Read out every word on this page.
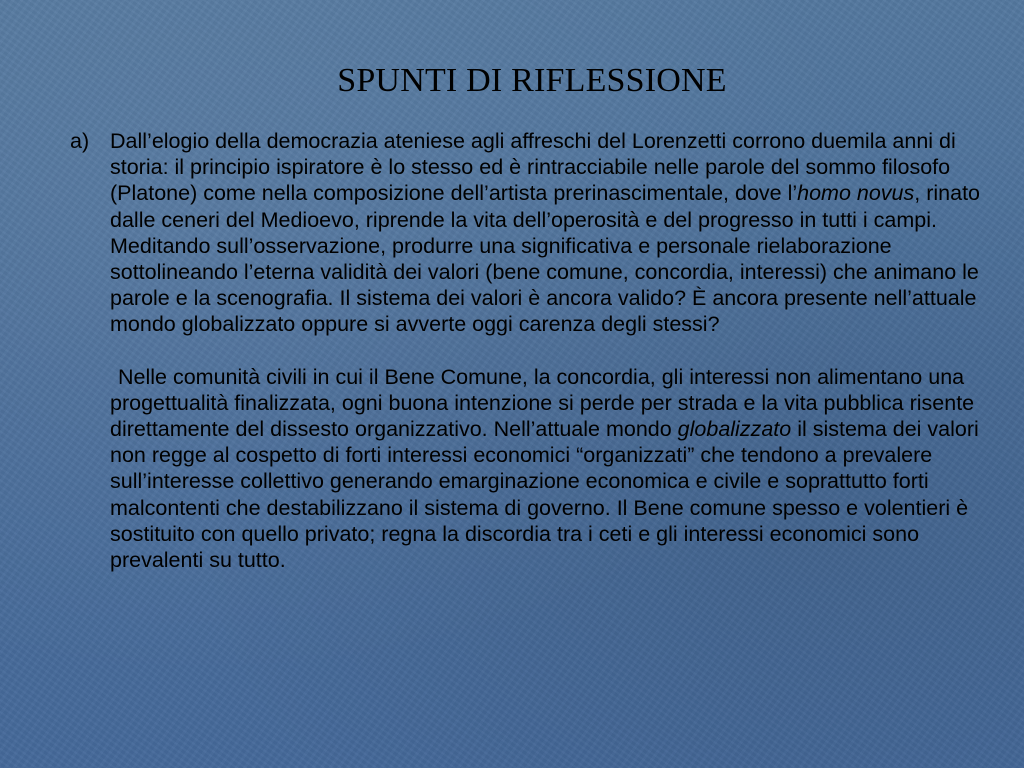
SPUNTI DI RIFLESSIONE

a) Dall’elogio della democrazia ateniese agli affreschi del Lorenzetti corrono duemila anni di storia: il principio ispiratore è lo stesso ed è rintracciabile nelle parole del sommo filosofo (Platone) come nella composizione dell’artista prerinascimentale, dove l’homo novus, rinato dalle ceneri del Medioevo, riprende la vita dell’operosità e del progresso in tutti i campi. Meditando sull’osservazione, produrre una significativa e personale rielaborazione sottolineando l’eterna validità dei valori (bene comune, concordia, interessi) che animano le parole e la scenografia. Il sistema dei valori è ancora valido? È ancora presente nell’attuale mondo globalizzato oppure si avverte oggi carenza degli stessi?

Nelle comunità civili in cui il Bene Comune, la concordia, gli interessi non alimentano una progettualità finalizzata, ogni buona intenzione si perde per strada e la vita pubblica risente direttamente del dissesto organizzativo. Nell’attuale mondo globalizzato il sistema dei valori non regge al cospetto di forti interessi economici “organizzati” che tendono a prevalere sull’interesse collettivo generando emarginazione economica e civile e soprattutto forti malcontenti che destabilizzano il sistema di governo. Il Bene comune spesso e volentieri è sostituito con quello privato; regna la discordia tra i ceti e gli interessi economici sono prevalenti su tutto.
